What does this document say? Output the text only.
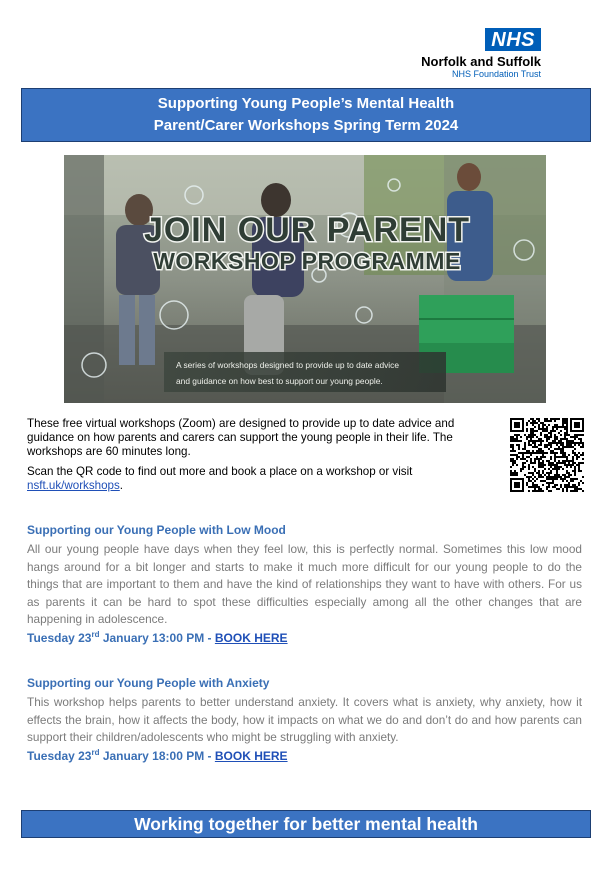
NHS
Norfolk and Suffolk
NHS Foundation Trust
Supporting Young People’s Mental Health
Parent/Carer Workshops Spring Term 2024
JOIN OUR PARENT
WORKSHOP PROGRAMME
A series of workshops designed to provide up to date advice
and guidance on how best to support our young people.

These free virtual workshops (Zoom) are designed to provide up to date advice and guidance on how parents and carers can support the young people in their life. The workshops are 60 minutes long.

Scan the QR code to find out more and book a place on a workshop or visit nsft.uk/workshops.

Supporting our Young People with Low Mood
All our young people have days when they feel low, this is perfectly normal. Sometimes this low mood hangs around for a bit longer and starts to make it much more difficult for our young people to do the things that are important to them and have the kind of relationships they want to have with others. For us as parents it can be hard to spot these difficulties especially among all the other changes that are happening in adolescence.
Tuesday 23rd January 13:00 PM - BOOK HERE
Supporting our Young People with Anxiety
This workshop helps parents to better understand anxiety. It covers what is anxiety, why anxiety, how it effects the brain, how it affects the body, how it impacts on what we do and don’t do and how parents can support their children/adolescents who might be struggling with anxiety.
Tuesday 23rd January 18:00 PM - BOOK HERE
Working together for better mental health
